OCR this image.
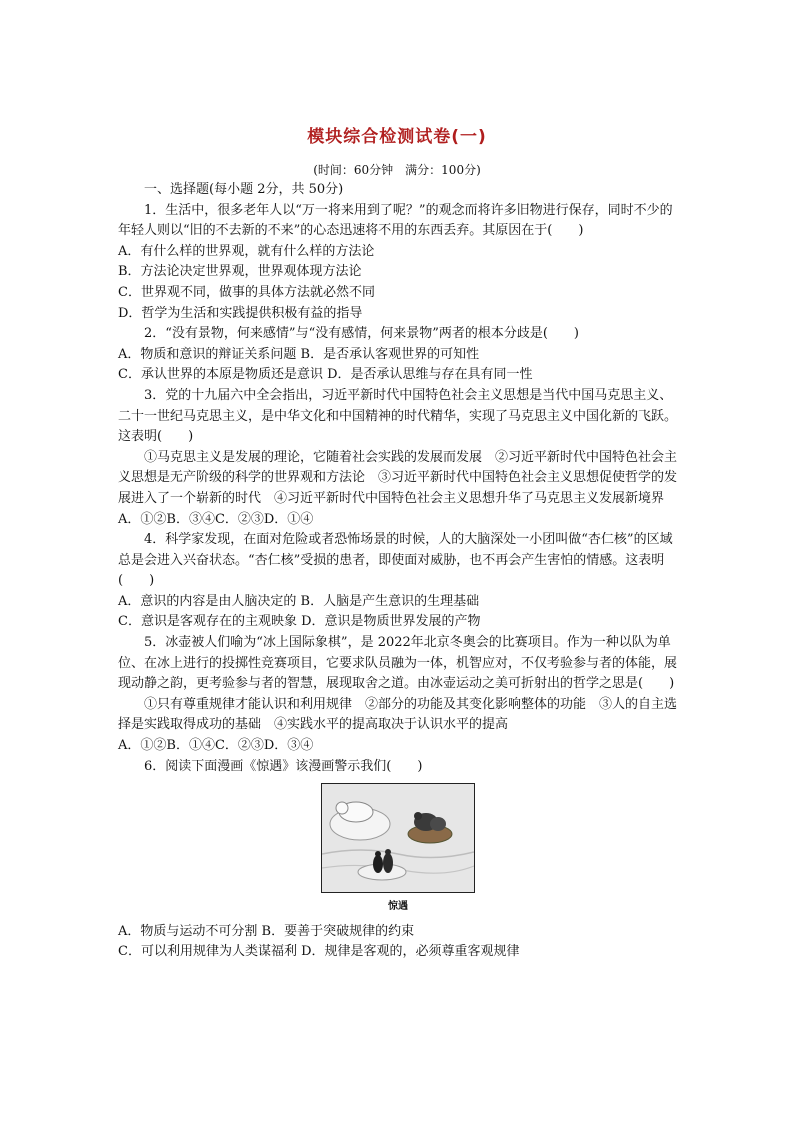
模块综合检测试卷(一)
(时间：60分钟　满分：100分)

一、选择题(每小题 2分，共 50分)

1．生活中，很多老年人以“万一将来用到了呢？”的观念而将许多旧物进行保存，同时不少的年轻人则以“旧的不去新的不来”的心态迅速将不用的东西丢弃。其原因在于(　　)

A．有什么样的世界观，就有什么样的方法论

B．方法论决定世界观，世界观体现方法论

C．世界观不同，做事的具体方法就必然不同

D．哲学为生活和实践提供积极有益的指导

2．“没有景物，何来感情”与“没有感情，何来景物”两者的根本分歧是(　　)

A．物质和意识的辩证关系问题 B．是否承认客观世界的可知性

C．承认世界的本原是物质还是意识 D．是否承认思维与存在具有同一性

3．党的十九届六中全会指出，习近平新时代中国特色社会主义思想是当代中国马克思主义、二十一世纪马克思主义，是中华文化和中国精神的时代精华，实现了马克思主义中国化新的飞跃。这表明(　　)

①马克思主义是发展的理论，它随着社会实践的发展而发展　②习近平新时代中国特色社会主义思想是无产阶级的科学的世界观和方法论　③习近平新时代中国特色社会主义思想促使哲学的发展进入了一个崭新的时代　④习近平新时代中国特色社会主义思想升华了马克思主义发展新境界

A．①②B．③④C．②③D．①④

4．科学家发现，在面对危险或者恐怖场景的时候，人的大脑深处一小团叫做“杏仁核”的区域总是会进入兴奋状态。“杏仁核”受损的患者，即使面对威胁，也不再会产生害怕的情感。这表明(　　)

A．意识的内容是由人脑决定的 B．人脑是产生意识的生理基础

C．意识是客观存在的主观映象 D．意识是物质世界发展的产物

5．冰壶被人们喻为“冰上国际象棋”，是 2022年北京冬奥会的比赛项目。作为一种以队为单位、在冰上进行的投掷性竞赛项目，它要求队员融为一体，机智应对，不仅考验参与者的体能，展现动静之韵，更考验参与者的智慧，展现取舍之道。由冰壶运动之美可折射出的哲学之思是(　　)

①只有尊重规律才能认识和利用规律　②部分的功能及其变化影响整体的功能　③人的自主选择是实践取得成功的基础　④实践水平的提高取决于认识水平的提高

A．①②B．①④C．②③D．③④

6．阅读下面漫画《惊遇》该漫画警示我们(　　)

惊遇

A．物质与运动不可分割 B．要善于突破规律的约束

C．可以利用规律为人类谋福利 D．规律是客观的，必须尊重客观规律
